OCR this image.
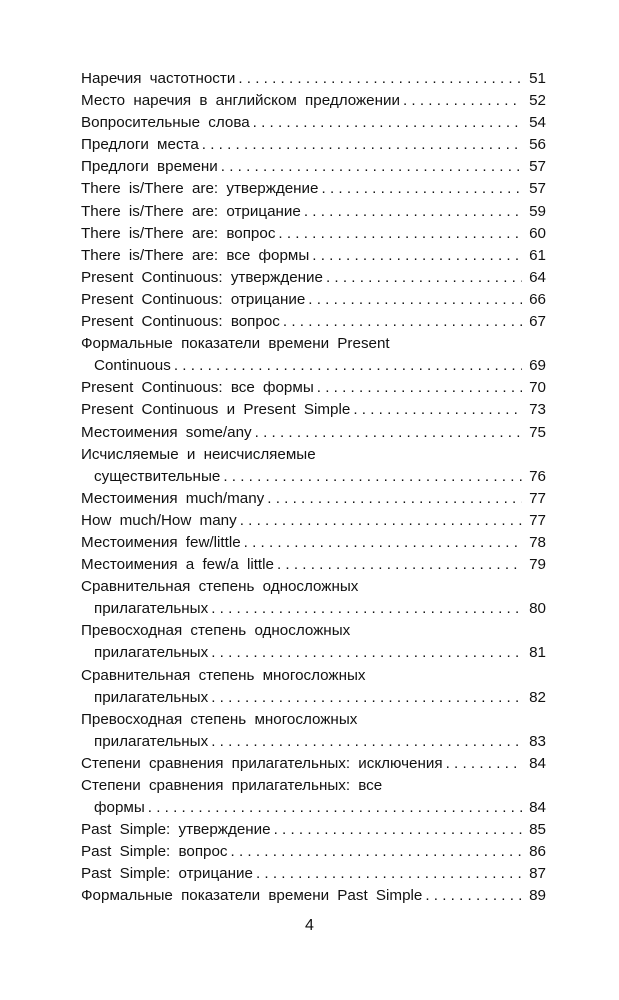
Наречия частотности . . .	51
Место наречия в английском предложении . . .	52
Вопросительные слова . . .	54
Предлоги места . . .	56
Предлоги времени . . .	57
There is/There are: утверждение . . .	57
There is/There are: отрицание . . .	59
There is/There are: вопрос . . .	60
There is/There are: все формы . . .	61
Present Continuous: утверждение . . .	64
Present Continuous: отрицание . . .	66
Present Continuous: вопрос . . .	67
Формальные показатели времени Present
Continuous . . .	69
Present Continuous: все формы . . .	70
Present Continuous и Present Simple . . .	73
Местоимения some/any . . .	75
Исчисляемые и неисчисляемые
существительные . . .	76
Местоимения much/many . . .	77
How much/How many . . .	77
Местоимения few/little . . .	78
Местоимения a few/a little . . .	79
Сравнительная степень односложных
прилагательных . . .	80
Превосходная степень односложных
прилагательных . . .	81
Сравнительная степень многосложных
прилагательных . . .	82
Превосходная степень многосложных
прилагательных . . .	83
Степени сравнения прилагательных: исключения . . .	84
Степени сравнения прилагательных: все
формы . . .	84
Past Simple: утверждение . . .	85
Past Simple: вопрос . . .	86
Past Simple: отрицание . . .	87
Формальные показатели времени Past Simple . . .	89
4
